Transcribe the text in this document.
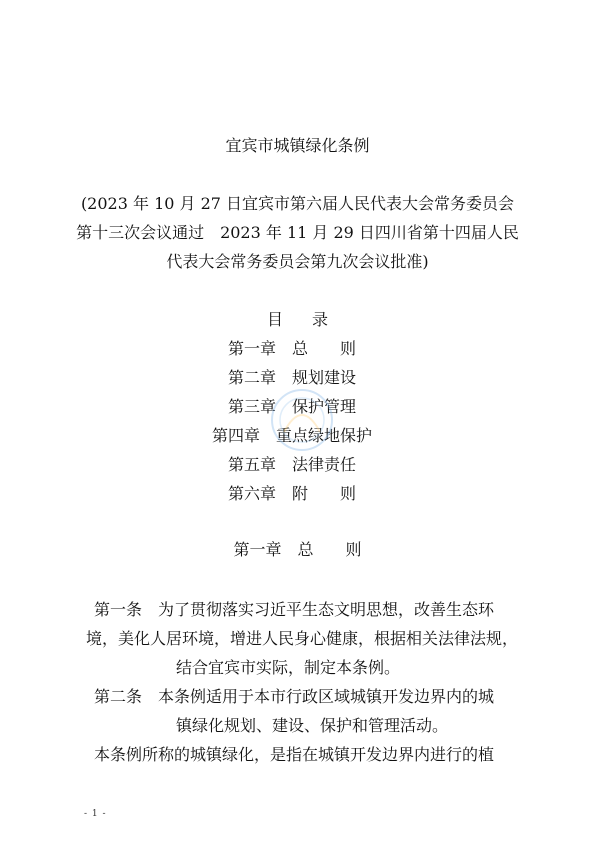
宜宾市城镇绿化条例
(2023 年 10 月 27 日宜宾市第六届人民代表大会常务委员会
第十三次会议通过　2023 年 11 月 29 日四川省第十四届人民
代表大会常务委员会第九次会议批准)
目 录
第一章 总　　则
第二章 规划建设
第三章 保护管理
第四章 重点绿地保护
第五章 法律责任
第六章 附　　则
第一章　总　　则
第一条　为了贯彻落实习近平生态文明思想，改善生态环
境，美化人居环境，增进人民身心健康，根据相关法律法规，
结合宜宾市实际，制定本条例。
第二条　本条例适用于本市行政区域城镇开发边界内的城
镇绿化规划、建设、保护和管理活动。
本条例所称的城镇绿化，是指在城镇开发边界内进行的植
- 1 -
